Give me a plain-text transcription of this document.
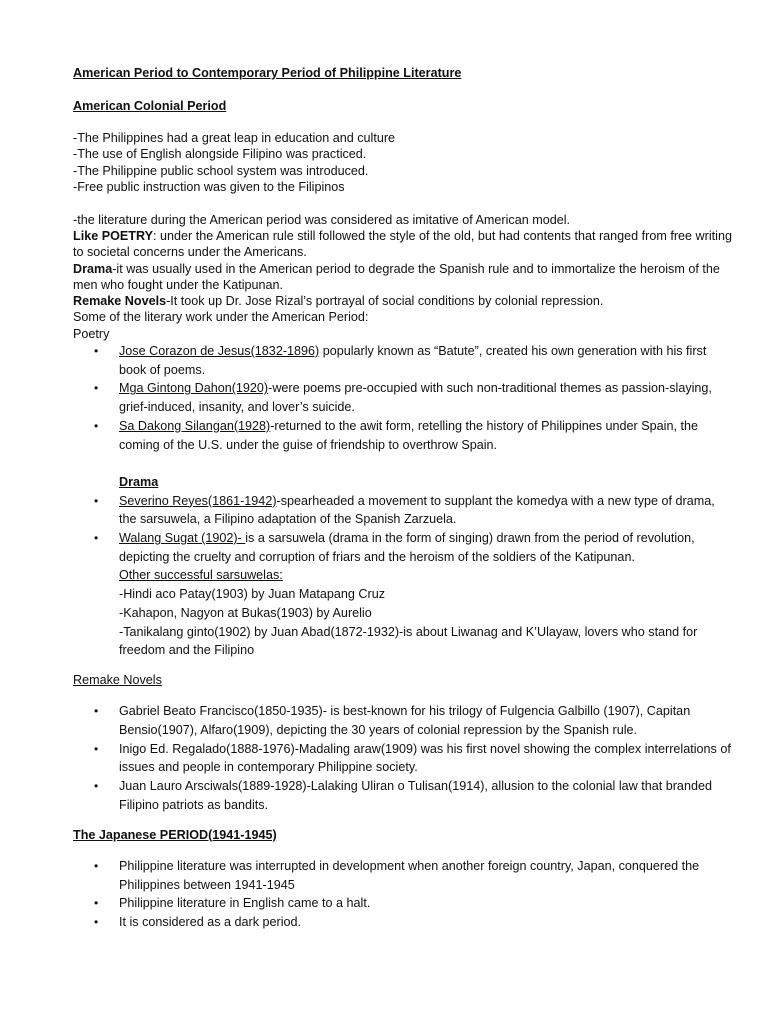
American Period to Contemporary Period of Philippine Literature
American Colonial Period
-The Philippines had a great leap in education and culture
-The use of English alongside Filipino was practiced.
-The Philippine public school system was introduced.
-Free public instruction was given to the Filipinos
-the literature during the American period was considered as imitative of American model.
Like POETRY: under the American rule still followed the style of the old, but had contents that ranged from free writing to societal concerns under the Americans.
Drama-it was usually used in the American period to degrade the Spanish rule and to immortalize the heroism of the men who fought under the Katipunan.
Remake Novels-It took up Dr. Jose Rizal’s portrayal of social conditions by colonial repression.
Some of the literary work under the American Period:
Poetry
• Jose Corazon de Jesus(1832-1896) popularly known as “Batute”, created his own generation with his first book of poems.
• Mga Gintong Dahon(1920)-were poems pre-occupied with such non-traditional themes as passion-slaying, grief-induced, insanity, and lover’s suicide.
• Sa Dakong Silangan(1928)-returned to the awit form, retelling the history of Philippines under Spain, the coming of the U.S. under the guise of friendship to overthrow Spain.
Drama
• Severino Reyes(1861-1942)-spearheaded a movement to supplant the komedya with a new type of drama, the sarsuwela, a Filipino adaptation of the Spanish Zarzuela.
• Walang Sugat (1902)- is a sarsuwela (drama in the form of singing) drawn from the period of revolution, depicting the cruelty and corruption of friars and the heroism of the soldiers of the Katipunan.
Other successful sarsuwelas:
-Hindi aco Patay(1903) by Juan Matapang Cruz
-Kahapon, Nagyon at Bukas(1903) by Aurelio
-Tanikalang ginto(1902) by Juan Abad(1872-1932)-is about Liwanag and K’Ulayaw, lovers who stand for freedom and the Filipino
Remake Novels
• Gabriel Beato Francisco(1850-1935)- is best-known for his trilogy of Fulgencia Galbillo (1907), Capitan Bensio(1907), Alfaro(1909), depicting the 30 years of colonial repression by the Spanish rule.
• Inigo Ed. Regalado(1888-1976)-Madaling araw(1909) was his first novel showing the complex interrelations of issues and people in contemporary Philippine society.
• Juan Lauro Arsciwals(1889-1928)-Lalaking Uliran o Tulisan(1914), allusion to the colonial law that branded Filipino patriots as bandits.
The Japanese PERIOD(1941-1945)
• Philippine literature was interrupted in development when another foreign country, Japan, conquered the Philippines between 1941-1945
• Philippine literature in English came to a halt.
• It is considered as a dark period.
